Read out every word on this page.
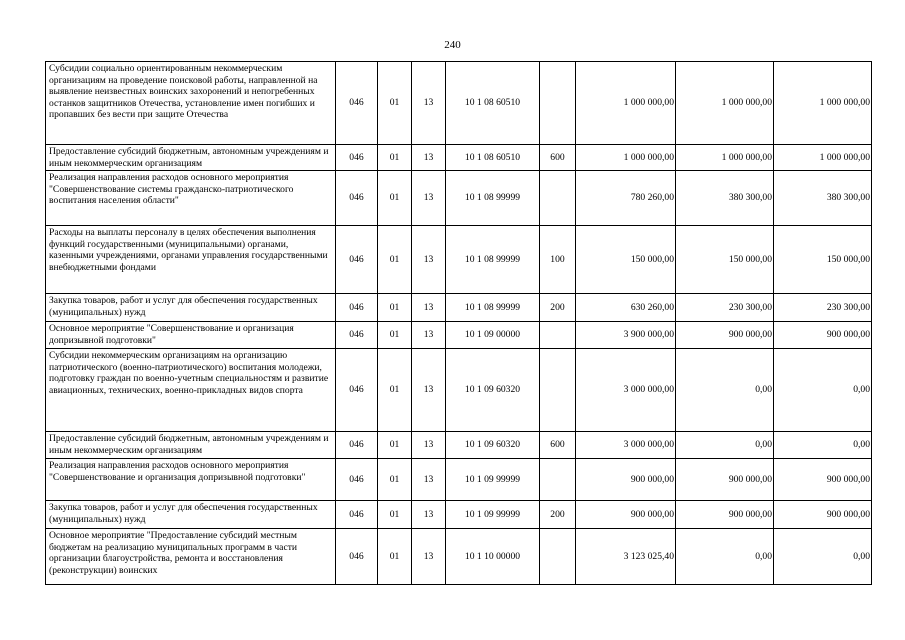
240
Субсидии социально ориентированным некоммерческим организациям на проведение поисковой работы, направленной на выявление неизвестных воинских захоронений и непогребенных останков защитников Отечества, установление имен погибших и пропавших без вести при защите Отечества	046	01	13	10 1 08 60510		1 000 000,00	1 000 000,00	1 000 000,00
Предоставление субсидий бюджетным, автономным учреждениям и иным некоммерческим организациям	046	01	13	10 1 08 60510	600	1 000 000,00	1 000 000,00	1 000 000,00
Реализация направления расходов основного мероприятия "Совершенствование системы гражданско-патриотического воспитания населения области"	046	01	13	10 1 08 99999		780 260,00	380 300,00	380 300,00
Расходы на выплаты персоналу в целях обеспечения выполнения функций государственными (муниципальными) органами, казенными учреждениями, органами управления государственными внебюджетными фондами	046	01	13	10 1 08 99999	100	150 000,00	150 000,00	150 000,00
Закупка товаров, работ и услуг для обеспечения государственных (муниципальных) нужд	046	01	13	10 1 08 99999	200	630 260,00	230 300,00	230 300,00
Основное мероприятие "Совершенствование и организация допризывной подготовки"	046	01	13	10 1 09 00000		3 900 000,00	900 000,00	900 000,00
Субсидии некоммерческим организациям на организацию патриотического (военно-патриотического) воспитания молодежи, подготовку граждан по военно-учетным специальностям и развитие авиационных, технических, военно-прикладных видов спорта	046	01	13	10 1 09 60320		3 000 000,00	0,00	0,00
Предоставление субсидий бюджетным, автономным учреждениям и иным некоммерческим организациям	046	01	13	10 1 09 60320	600	3 000 000,00	0,00	0,00
Реализация направления расходов основного мероприятия "Совершенствование и организация допризывной подготовки"	046	01	13	10 1 09 99999		900 000,00	900 000,00	900 000,00
Закупка товаров, работ и услуг для обеспечения государственных (муниципальных) нужд	046	01	13	10 1 09 99999	200	900 000,00	900 000,00	900 000,00
Основное мероприятие "Предоставление субсидий местным бюджетам на реализацию муниципальных программ в части организации благоустройства, ремонта и восстановления (реконструкции) воинских	046	01	13	10 1 10 00000		3 123 025,40	0,00	0,00
